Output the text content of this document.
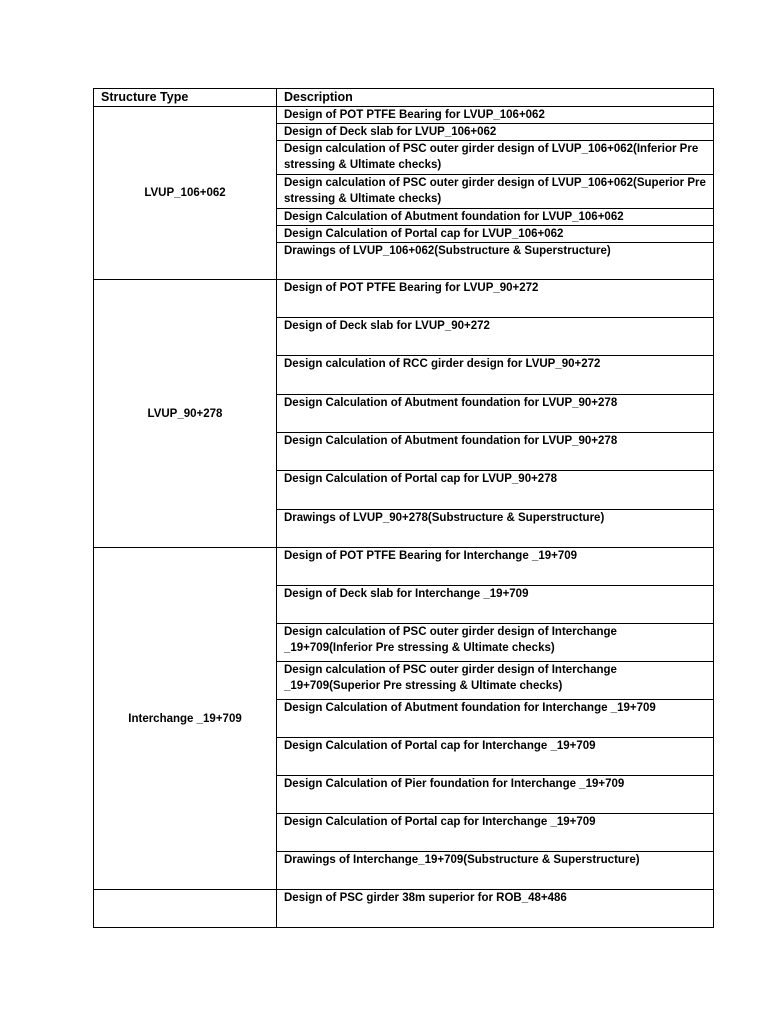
Structure Type	Description
LVUP_106+062	Design of POT PTFE Bearing for LVUP_106+062
	Design of Deck slab for LVUP_106+062
	Design calculation of PSC outer girder design of LVUP_106+062(Inferior Pre stressing & Ultimate checks)
	Design calculation of PSC outer girder design of LVUP_106+062(Superior Pre stressing & Ultimate checks)
	Design Calculation of Abutment foundation for LVUP_106+062
	Design Calculation of Portal cap for LVUP_106+062
	Drawings of LVUP_106+062(Substructure & Superstructure)
LVUP_90+278	Design of POT PTFE Bearing for LVUP_90+272
	Design of Deck slab for LVUP_90+272
	Design calculation of RCC girder design for LVUP_90+272
	Design Calculation of Abutment foundation for LVUP_90+278
	Design Calculation of Abutment foundation for LVUP_90+278
	Design Calculation of Portal cap for LVUP_90+278
	Drawings of LVUP_90+278(Substructure & Superstructure)
Interchange _19+709	Design of POT PTFE Bearing for Interchange _19+709
	Design of Deck slab for Interchange _19+709
	Design calculation of PSC outer girder design of Interchange _19+709(Inferior Pre stressing & Ultimate checks)
	Design calculation of PSC outer girder design of Interchange _19+709(Superior Pre stressing & Ultimate checks)
	Design Calculation of Abutment foundation for Interchange _19+709
	Design Calculation of Portal cap for Interchange _19+709
	Design Calculation of Pier foundation for Interchange _19+709
	Design Calculation of Portal cap for Interchange _19+709
	Drawings of Interchange_19+709(Substructure & Superstructure)
	Design of PSC girder 38m superior for ROB_48+486
